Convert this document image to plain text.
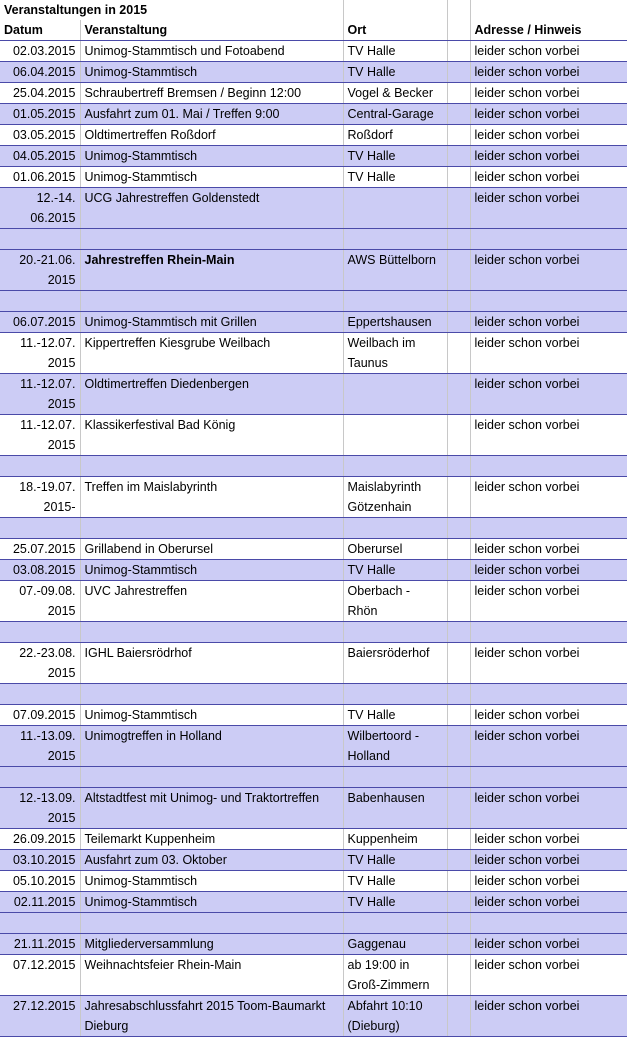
Veranstaltungen in 2015				
Datum	Veranstaltung	Ort		Adresse / Hinweis
02.03.2015	Unimog-Stammtisch und Fotoabend	TV Halle		leider schon vorbei
06.04.2015	Unimog-Stammtisch	TV Halle		leider schon vorbei
25.04.2015	Schraubertreff Bremsen / Beginn 12:00	Vogel & Becker		leider schon vorbei
01.05.2015	Ausfahrt zum 01. Mai / Treffen 9:00	Central-Garage		leider schon vorbei
03.05.2015	Oldtimertreffen Roßdorf	Roßdorf		leider schon vorbei
04.05.2015	Unimog-Stammtisch	TV Halle		leider schon vorbei
01.06.2015	Unimog-Stammtisch	TV Halle		leider schon vorbei
12.-14. 06.2015	UCG Jahrestreffen Goldenstedt			leider schon vorbei

20.-21.06. 2015	Jahrestreffen Rhein-Main	AWS Büttelborn		leider schon vorbei

06.07.2015	Unimog-Stammtisch mit Grillen	Eppertshausen		leider schon vorbei
11.-12.07. 2015	Kippertreffen Kiesgrube Weilbach	Weilbach im Taunus		leider schon vorbei
11.-12.07. 2015	Oldtimertreffen Diedenbergen			leider schon vorbei
11.-12.07. 2015	Klassikerfestival Bad König			leider schon vorbei

18.-19.07. 2015-	Treffen im Maislabyrinth	Maislabyrinth Götzenhain		leider schon vorbei

25.07.2015	Grillabend in Oberursel	Oberursel		leider schon vorbei
03.08.2015	Unimog-Stammtisch	TV Halle		leider schon vorbei
07.-09.08. 2015	UVC Jahrestreffen	Oberbach - Rhön		leider schon vorbei

22.-23.08. 2015	IGHL Baiersrödrhof	Baiersröderhof		leider schon vorbei

07.09.2015	Unimog-Stammtisch	TV Halle		leider schon vorbei
11.-13.09. 2015	Unimogtreffen in Holland	Wilbertoord - Holland		leider schon vorbei

12.-13.09. 2015	Altstadtfest mit Unimog- und Traktortreffen	Babenhausen		leider schon vorbei
26.09.2015	Teilemarkt Kuppenheim	Kuppenheim		leider schon vorbei
03.10.2015	Ausfahrt zum 03. Oktober	TV Halle		leider schon vorbei
05.10.2015	Unimog-Stammtisch	TV Halle		leider schon vorbei
02.11.2015	Unimog-Stammtisch	TV Halle		leider schon vorbei

21.11.2015	Mitgliederversammlung	Gaggenau		leider schon vorbei
07.12.2015	Weihnachtsfeier Rhein-Main	ab 19:00 in Groß-Zimmern		leider schon vorbei
27.12.2015	Jahresabschlussfahrt 2015 Toom-Baumarkt Dieburg	Abfahrt 10:10 (Dieburg)		leider schon vorbei
